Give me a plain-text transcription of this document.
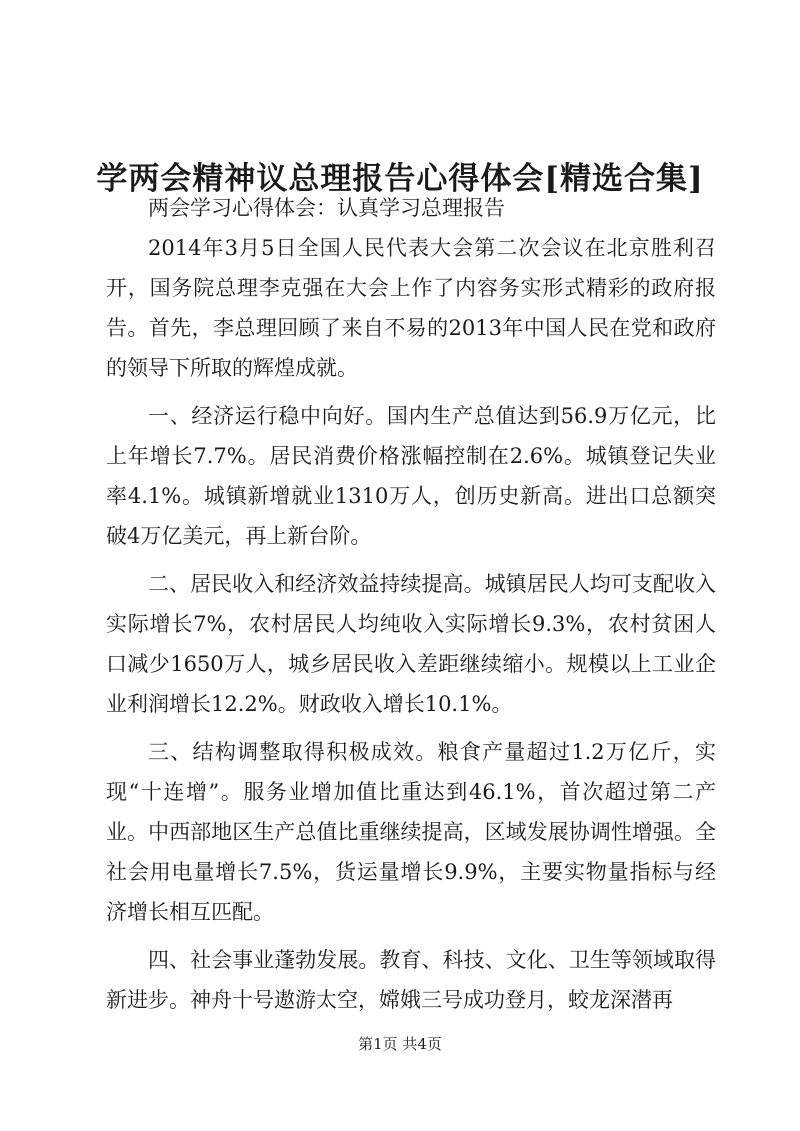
学两会精神议总理报告心得体会[精选合集]

两会学习心得体会：认真学习总理报告

2014年3月5日全国人民代表大会第二次会议在北京胜利召开，国务院总理李克强在大会上作了内容务实形式精彩的政府报告。首先，李总理回顾了来自不易的2013年中国人民在党和政府的领导下所取的辉煌成就。

一、经济运行稳中向好。国内生产总值达到56.9万亿元，比上年增长7.7%。居民消费价格涨幅控制在2.6%。城镇登记失业率4.1%。城镇新增就业1310万人，创历史新高。进出口总额突破4万亿美元，再上新台阶。

二、居民收入和经济效益持续提高。城镇居民人均可支配收入实际增长7%，农村居民人均纯收入实际增长9.3%，农村贫困人口减少1650万人，城乡居民收入差距继续缩小。规模以上工业企业利润增长12.2%。财政收入增长10.1%。

三、结构调整取得积极成效。粮食产量超过1.2万亿斤，实现“十连增”。服务业增加值比重达到46.1%，首次超过第二产业。中西部地区生产总值比重继续提高，区域发展协调性增强。全社会用电量增长7.5%，货运量增长9.9%，主要实物量指标与经济增长相互匹配。

四、社会事业蓬勃发展。教育、科技、文化、卫生等领域取得新进步。神舟十号遨游太空，嫦娥三号成功登月，蛟龙深潜再

第1页 共4页
